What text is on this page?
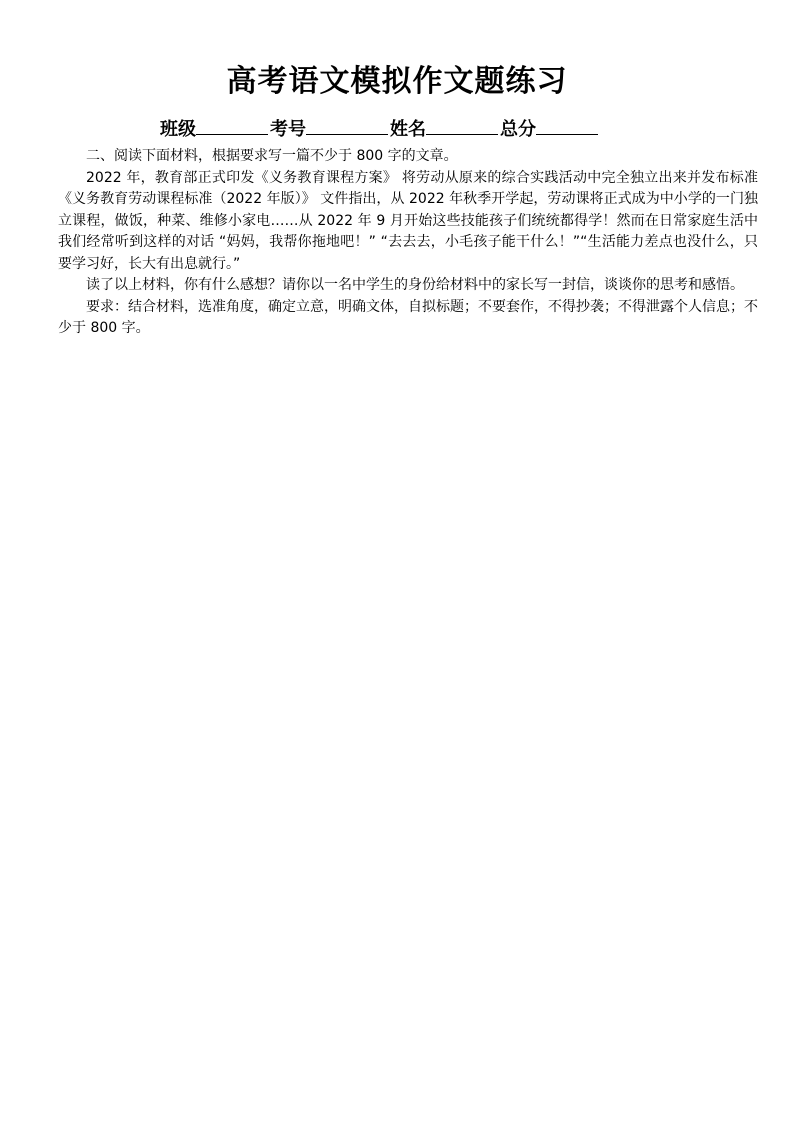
高考语文模拟作文题练习
班级	考号	姓名	总分

二、阅读下面材料，根据要求写一篇不少于 800 字的文章。

2022 年，教育部正式印发《义务教育课程方案》 将劳动从原来的综合实践活动中完全独立出来并发布标准《义务教育劳动课程标准（2022 年版）》 文件指出，从 2022 年秋季开学起，劳动课将正式成为中小学的一门独立课程，做饭，种菜、维修小家电……从 2022 年 9 月开始这些技能孩子们统统都得学！然而在日常家庭生活中我们经常听到这样的对话 “妈妈，我帮你拖地吧！” “去去去，小毛孩子能干什么！”“生活能力差点也没什么，只要学习好，长大有出息就行。”

读了以上材料，你有什么感想？请你以一名中学生的身份给材料中的家长写一封信，谈谈你的思考和感悟。

要求：结合材料，选准角度，确定立意，明确文体，自拟标题；不要套作，不得抄袭；不得泄露个人信息；不少于 800 字。
